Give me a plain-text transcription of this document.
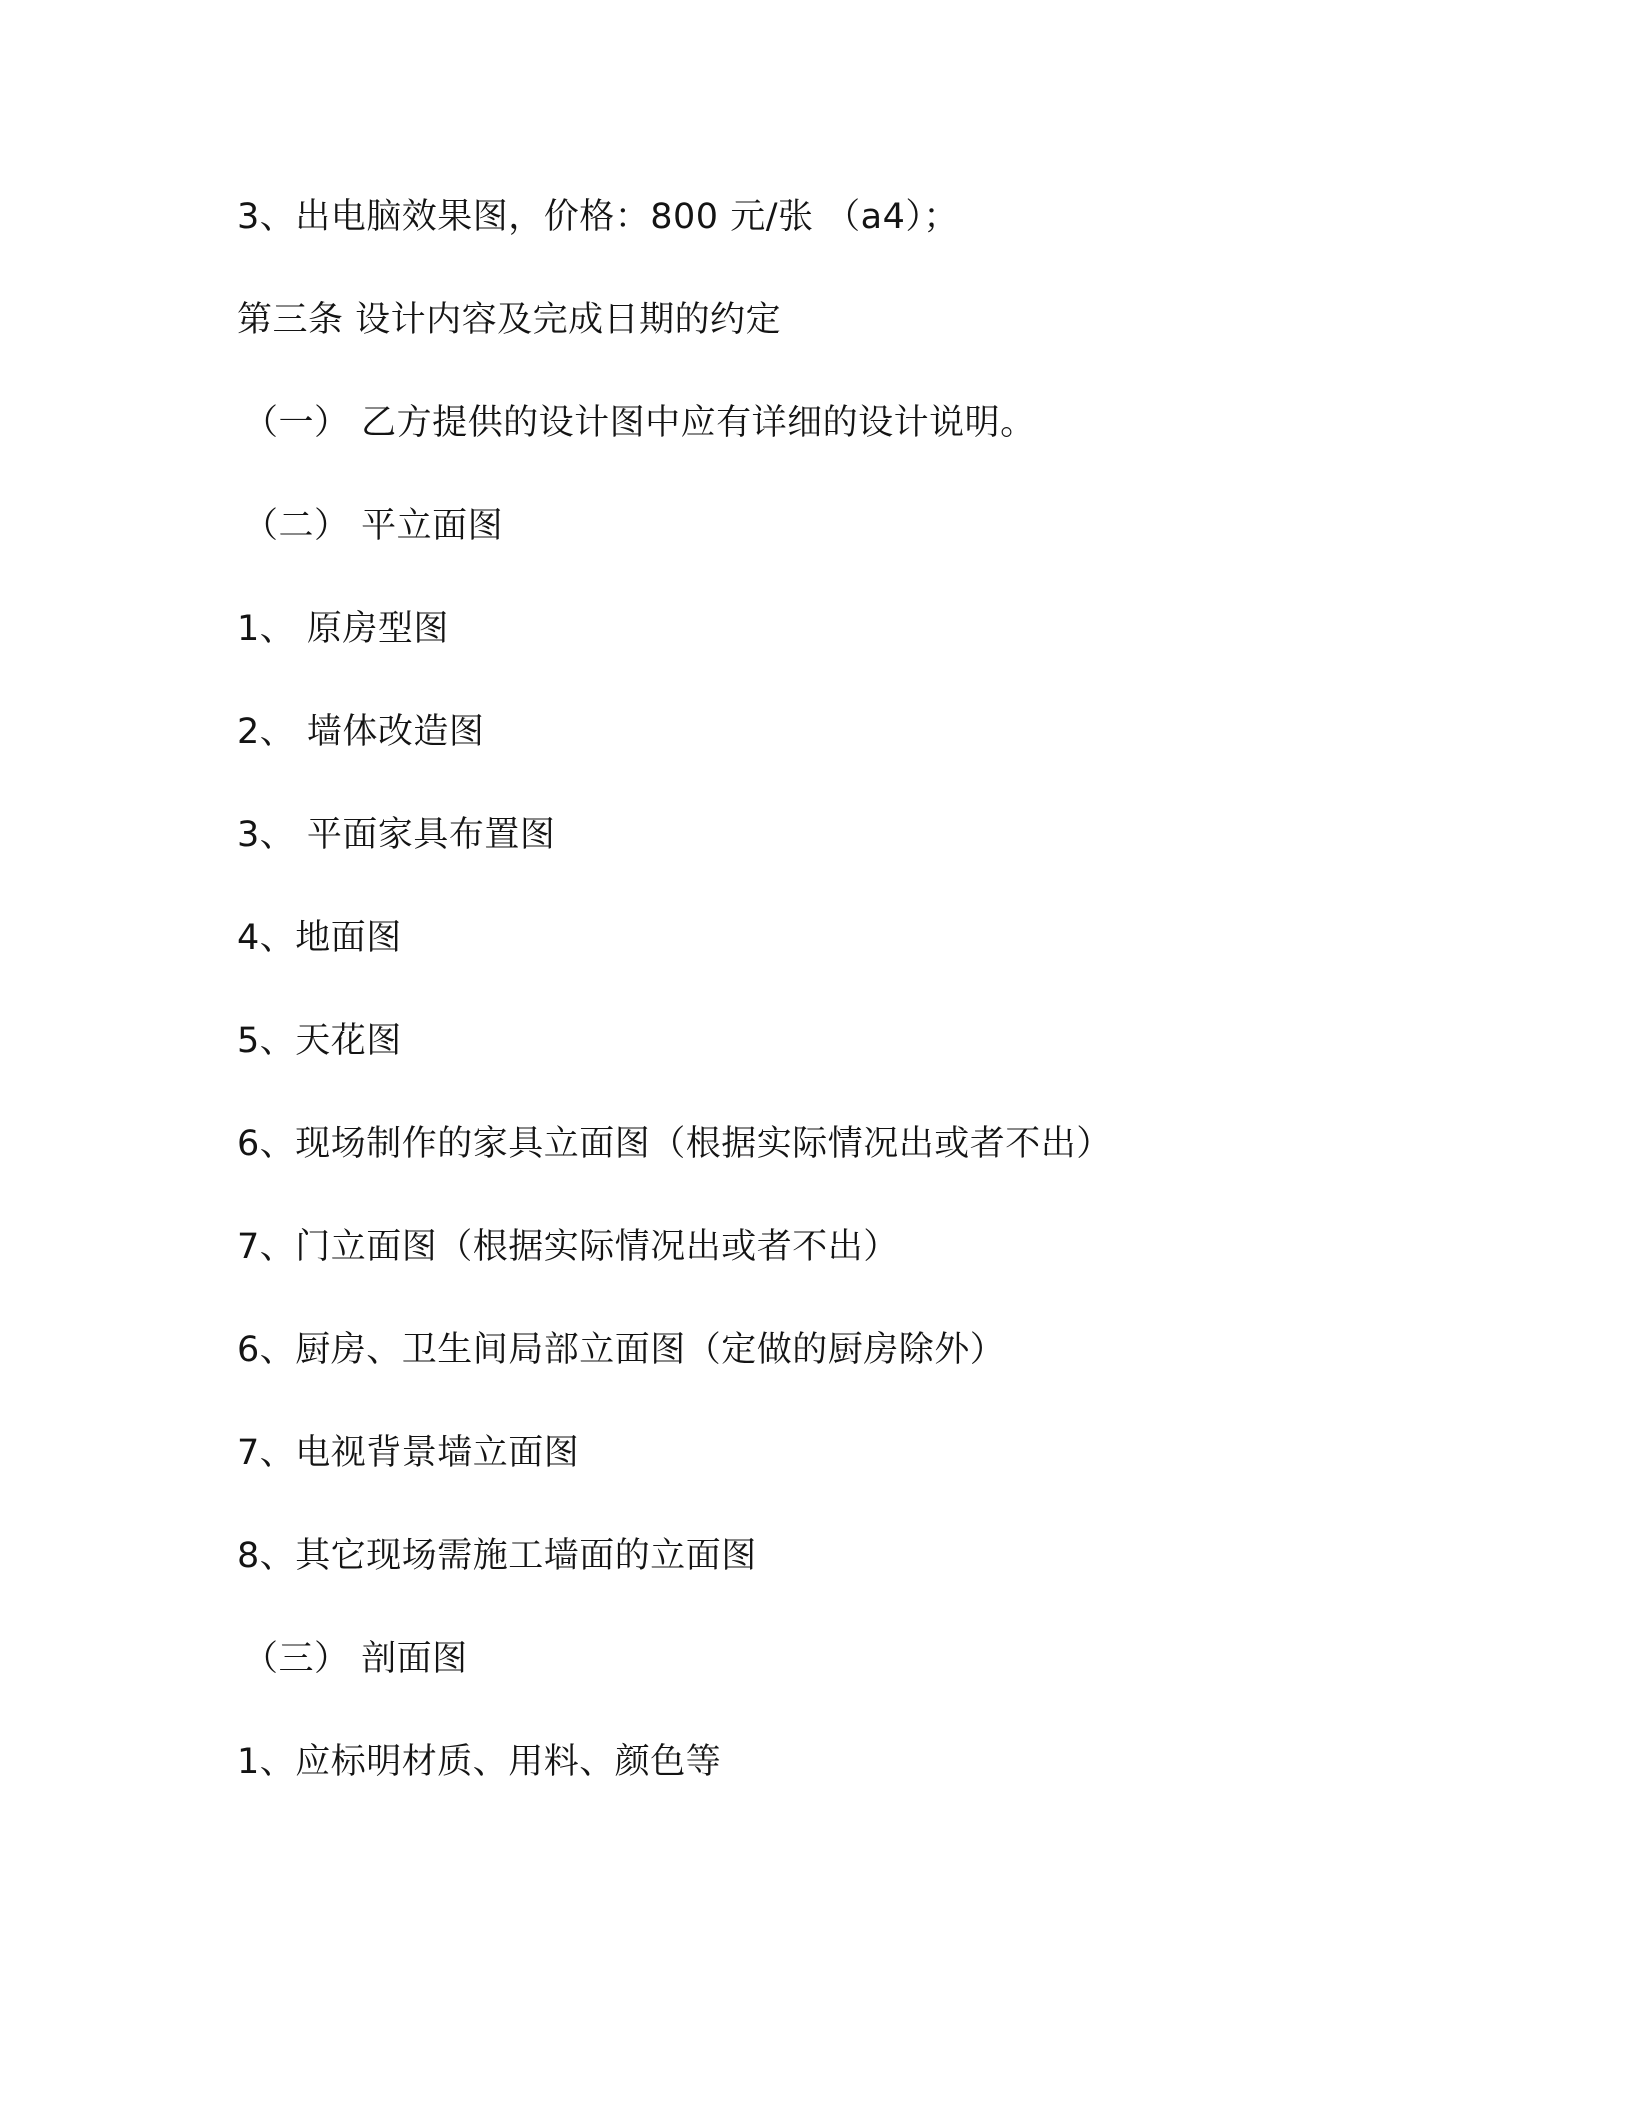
3、出电脑效果图，价格：800 元/张 （a4）；
第三条 设计内容及完成日期的约定
（一） 乙方提供的设计图中应有详细的设计说明。
（二） 平立面图
1、 原房型图
2、 墙体改造图
3、 平面家具布置图
4、地面图
5、天花图
6、现场制作的家具立面图（根据实际情况出或者不出）
7、门立面图（根据实际情况出或者不出）
6、厨房、卫生间局部立面图（定做的厨房除外）
7、电视背景墙立面图
8、其它现场需施工墙面的立面图
（三） 剖面图
1、应标明材质、用料、颜色等
